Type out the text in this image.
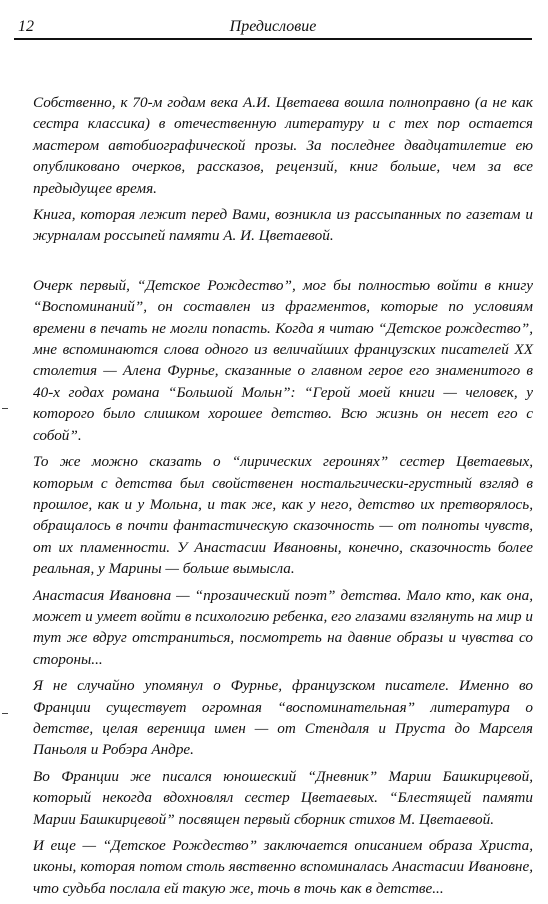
12	Предисловие

Собственно, к 70-м годам века А.И. Цветаева вошла полноправно (а не как сестра классика) в отечественную литературу и с тех пор остается мастером автобиографической прозы. За последнее двадцатилетие ею опубликовано очерков, рассказов, рецензий, книг больше, чем за все предыдущее время.

Книга, которая лежит перед Вами, возникла из рассыпанных по газетам и журналам россыпей памяти А. И. Цветаевой.

Очерк первый, “Детское Рождество”, мог бы полностью войти в книгу “Воспоминаний”, он составлен из фрагментов, которые по условиям времени в печать не могли попасть. Когда я читаю “Детское рождество”, мне вспоминаются слова одного из величайших французских писателей XX столетия — Алена Фурнье, сказанные о главном герое его знаменитого в 40-х годах романа “Большой Мольн”: “Герой моей книги — человек, у которого было слишком хорошее детство. Всю жизнь он несет его с собой”.

То же можно сказать о “лирических героинях” сестер Цветаевых, которым с детства был свойственен ностальгически-грустный взгляд в прошлое, как и у Мольна, и так же, как у него, детство их претворялось, обращалось в почти фантастическую сказочность — от полноты чувств, от их пламенности. У Анастасии Ивановны, конечно, сказочность более реальная, у Марины — больше вымысла.

Анастасия Ивановна — “прозаический поэт” детства. Мало кто, как она, может и умеет войти в психологию ребенка, его глазами взглянуть на мир и тут же вдруг отстраниться, посмотреть на давние образы и чувства со стороны...

Я не случайно упомянул о Фурнье, французском писателе. Именно во Франции существует огромная “воспоминательная” литература о детстве, целая вереница имен — от Стендаля и Пруста до Марселя Паньоля и Робэра Андре.

Во Франции же писался юношеский “Дневник” Марии Башкирцевой, который некогда вдохновлял сестер Цветаевых. “Блестящей памяти Марии Башкирцевой” посвящен первый сборник стихов М. Цветаевой.

И еще — “Детское Рождество” заключается описанием образа Христа, иконы, которая потом столь явственно вспоминалась Анастасии Ивановне, что судьба послала ей такую же, точь в точь как в детстве...
